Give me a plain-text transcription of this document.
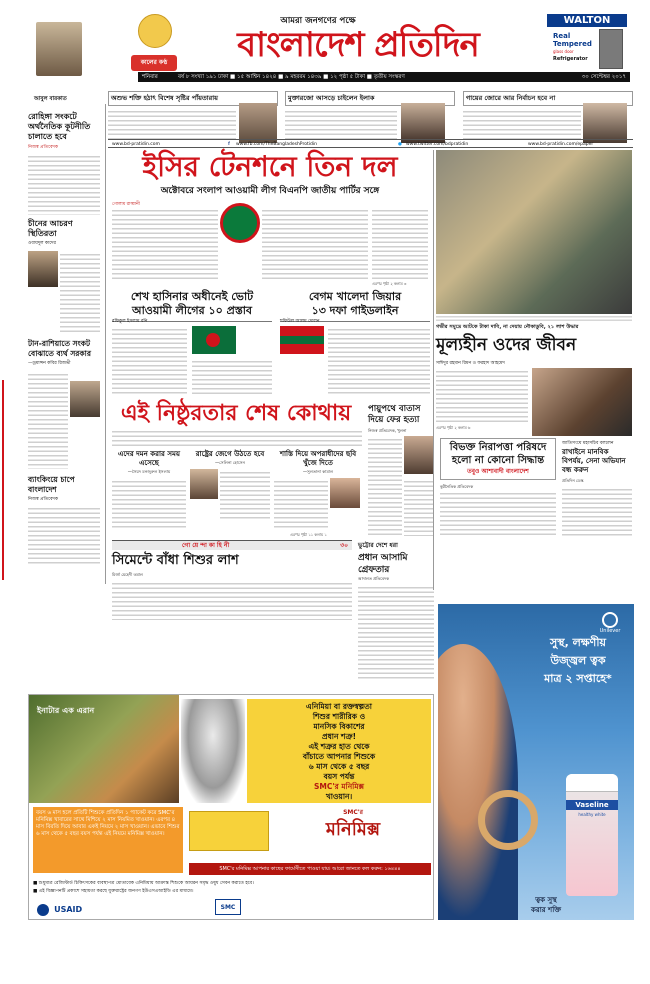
আবুল বারকাত
কালের কণ্ঠ
আমরা জনগণের পক্ষে
বাংলাদেশ প্রতিদিন
WALTON
Real
Tempered
glass door
Refrigerator
শনিবার	বর্ষ ৮ সংখ্যা ১৯১ ঢাকা ■ ১৫ আশ্বিন ১৪২৪ ■ ৯ মহররম ১৪৩৯ ■ ১২ পৃষ্ঠা ৫ টাকা ■ তৃতীয় সংস্করণ	৩০ সেপ্টেম্বর ২০১৭
অশুভ শক্তি হঠাৎ বিশেষ সৃষ্টির পাঁয়তারায়	মুক্তারজো আসড়ে চাইলেন ইলাক	গায়ের জোরে আর নির্বাচন হবে না
www.bd-pratidin.com	f www.fb.com/TheBangladeshProtidin	● www.twitter.com/bdpratidin	www.bd-pratidin.com/epaper
রোহিঙ্গা সংকটে অর্থনৈতিক কূটনীতি চালাতে হবে
নিজস্ব প্রতিবেদক
চীনের আচরণ স্থিতিরতা
ওবায়দুল কাদের
টান-রাশিয়াতে সংকট বোঝাতে ব্যর্থ সরকার
—ড্রম্যন্সন কবির রিজভী
ব্যাংকিংয়ে চাপে বাংলাদেশ
নিজস্ব প্রতিবেদক
ইসির টেনশনে তিন দল
অক্টোবরে সংলাপ আওয়ামী লীগ বিএনপি জাতীয় পার্টির সঙ্গে
গোলাম রাব্বানী
এরপর পৃষ্ঠা ২ কলাম ৩
শেখ হাসিনার অধীনেই ভোট
আওয়ামী লীগের ১০ প্রস্তাব
রফিকুল ইসলাম রনি
বেগম খালেদা জিয়ার
১৩ দফা গাইডলাইন
শফিউল আলম দোলন
গভীর সমুদ্রে আটকে টাকা দাবি, না দেয়ায় নৌকাডুবি, ২১ লাশ উদ্ধার
মূল্যহীন ওদের জীবন
সাঈদুর রহমান রিমন ও ফরহাদ আহমেদ
এরপর পৃষ্ঠা ২ কলাম ৬
এই নিষ্ঠুরতার শেষ কোথায়
এদের দমন করার সময় এসেছে
—সৈয়দ মনজুরুল ইসলাম
রাষ্ট্রের জেগে উঠতে হবে
—সেলিনা হোসেন
শাস্তি দিয়ে অপরাধীদের ছবি খুঁজে দিতে
—সুলতানা কামাল
এরপর পৃষ্ঠা ১১ কলাম ১
পায়ুপথে বাতাস দিয়ে ফের হত্যা
নিজস্ব প্রতিবেদক, খুলনা
বিভক্ত নিরাপত্তা পরিষদে
হলো না কোনো সিদ্ধান্ত
তবুও আশাবাদী বাংলাদেশ
কূটনৈতিক প্রতিবেদক
জাতিসংঘে মহাসচিব বললেন
রাখাইনে মানবিক বিপর্যয়, সেনা অভিযান বন্ধ করুন
প্রতিদিন ডেস্ক
গো য়ে ন্দা কা হি নী	৩০
সিমেন্টে বাঁধা শিশুর লাশ
মির্জা মেহেদী তমাল
ভুট্টোর দেশে ধরা
প্রধান আসামি
গ্রেফতার
আদালত প্রতিবেদক
ইনাটার এক এরান	এনিমিয়া বা রক্তস্বল্পতা
শিশুর শারীরিক ও
মানসিক বিকাশের
প্রধান শত্রু!
এই শত্রুর হাত থেকে
বাঁচাতে আপনার শিশুকে
৬ মাস থেকে ৫ বছর
বয়স পর্যন্ত
SMC'র মনিমিক্স
খাওয়ান।
বয়স ৬ মাস হলে প্রতিটি শিশুকে প্রতিদিন ১ প্যাকেট করে SMC'র মনিমিক্স খাবারের সাথে মিশিয়ে ২ মাস নিয়মিত খাওয়ান। এরপর ৪ মাস বিরতি দিয়ে আবার একই নিয়মে ২ মাস খাওয়ান। এভাবে শিশুর ৬ মাস থেকে ৫ বছর বয়স পর্যন্ত এই নিয়মে মনিমিক্স খাওয়ান।
SMC'র
মনিমিক্স
SMC'র মনিমিক্স আপনার কাছের ফার্মেসীতে পাওয়া যায়। আরো জানতে কল করুন: ১৬৪৪৪
■ শুধুমাত্র রেজিস্টার্ড চিকিৎসকের ব্যবস্থাপত্র মোতাবেক এনিমিয়ায় আক্রান্ত শিশুকে আয়রন সমৃদ্ধ ওষুধ সেবন করাতে হবে।
■ এই বিজ্ঞাপনটি প্রকাশে সহায়তা করছে যুক্তরাষ্ট্রের জনগণ ইউএসএআইডি এর মাধ্যমে।
USAID	SMC
Unilever
সুস্থ, লক্ষণীয়
উজ্জ্বল ত্বক
মাত্র ২ সপ্তাহে*
Vaseline
healthy white
ত্বক সুস্থ
করার শক্তি
